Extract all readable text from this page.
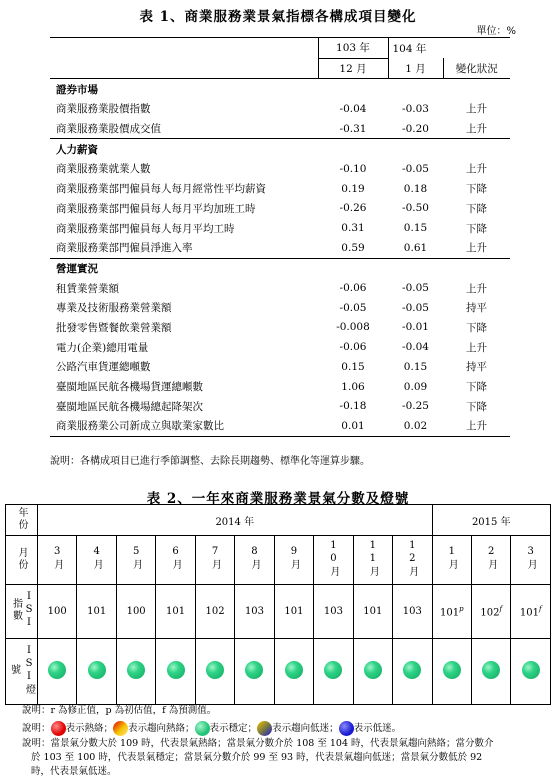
表 1、商業服務業景氣指標各構成項目變化
單位：%
	103 年	104 年	
	12 月	1 月	變化狀況
證券市場			
商業服務業股價指數	-0.04	-0.03	上升
商業服務業股價成交值	-0.31	-0.20	上升
人力薪資			
商業服務業就業人數	-0.10	-0.05	上升
商業服務業部門僱員每人每月經常性平均薪資	0.19	0.18	下降
商業服務業部門僱員每人每月平均加班工時	-0.26	-0.50	下降
商業服務業部門僱員每人每月平均工時	0.31	0.15	下降
商業服務業部門僱員淨進入率	0.59	0.61	上升
營運實況			
租賃業營業額	-0.06	-0.05	上升
專業及技術服務業營業額	-0.05	-0.05	持平
批發零售暨餐飲業營業額	-0.008	-0.01	下降
電力(企業)總用電量	-0.06	-0.04	上升
公路汽車貨運總噸數	0.15	0.15	持平
臺閩地區民航各機場貨運總噸數	1.06	0.09	下降
臺閩地區民航各機場總起降架次	-0.18	-0.25	下降
商業服務業公司新成立與歇業家數比	0.01	0.02	上升
說明：各構成項目已進行季節調整、去除長期趨勢、標準化等運算步驟。
表 2、一年來商業服務業景氣分數及燈號
年份	2014 年										2015 年		
月份	3月	4月	5月	6月	7月	8月	9月	10月	11月	12月	1月	2月	3月
ISI指數	100	101	100	101	102	103	101	103	101	103	101$^p$	102$^f$	101$^f$
ISI燈號													
說明：r 為修正值，p 為初估值，f 為預測值。
說明： 表示熱絡； 表示趨向熱絡； 表示穩定； 表示趨向低迷； 表示低迷。
說明：當景氣分數大於 109 時，代表景氣熱絡；當景氣分數介於 108 至 104 時，代表景氣趨向熱絡；當分數介
於 103 至 100 時，代表景氣穩定；當景氣分數介於 99 至 93 時，代表景氣趨向低迷；當景氣分數低於 92
時，代表景氣低迷。
